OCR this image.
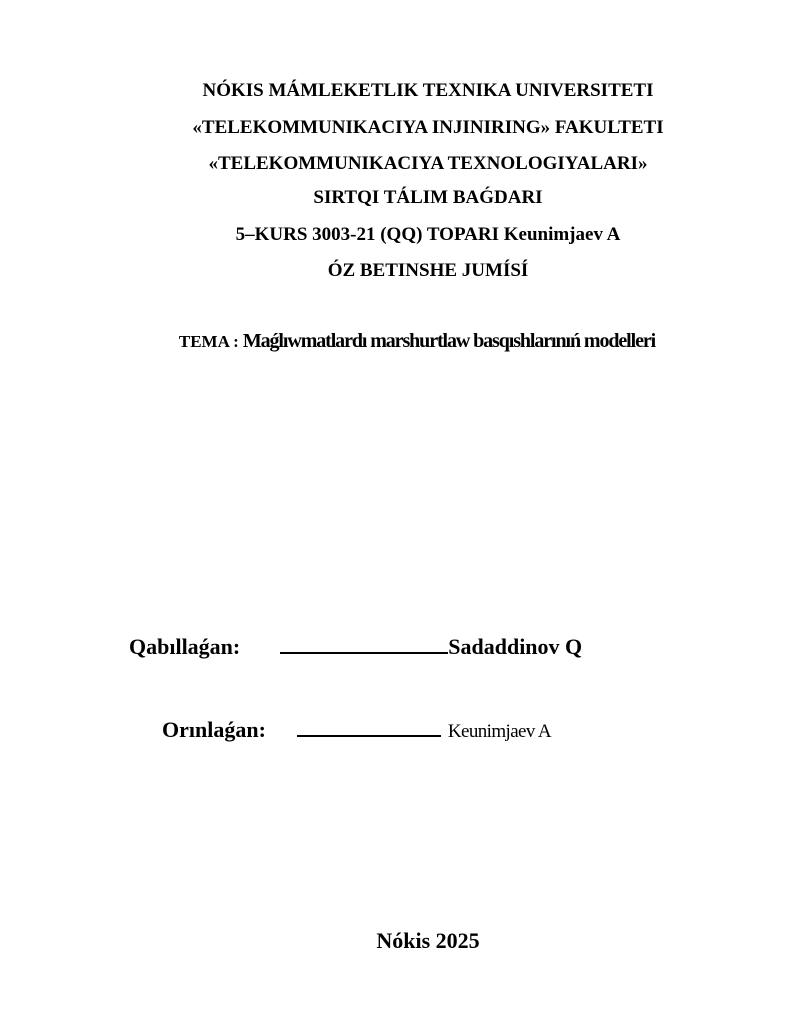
NÓKIS MÁMLEKETLIK TEXNIKA UNIVERSITETI

«TELEKOMMUNIKACIYA INJINIRING» FAKULTETI

«TELEKOMMUNIKACIYA TEXNOLOGIYALARI»

SIRTQI TÁLIM BAǴDARI

5–KURS 3003-21 (QQ) TOPARI Keunimjaev A

ÓZ BETINSHE JUMÍSÍ

TEMA : Maǵlıwmatlardı marshurtlaw basqıshlarınıń modelleri

Qabıllaǵan:	Sadaddinov Q
Orınlaǵan:	Keunimjaev A

Nókis 2025
